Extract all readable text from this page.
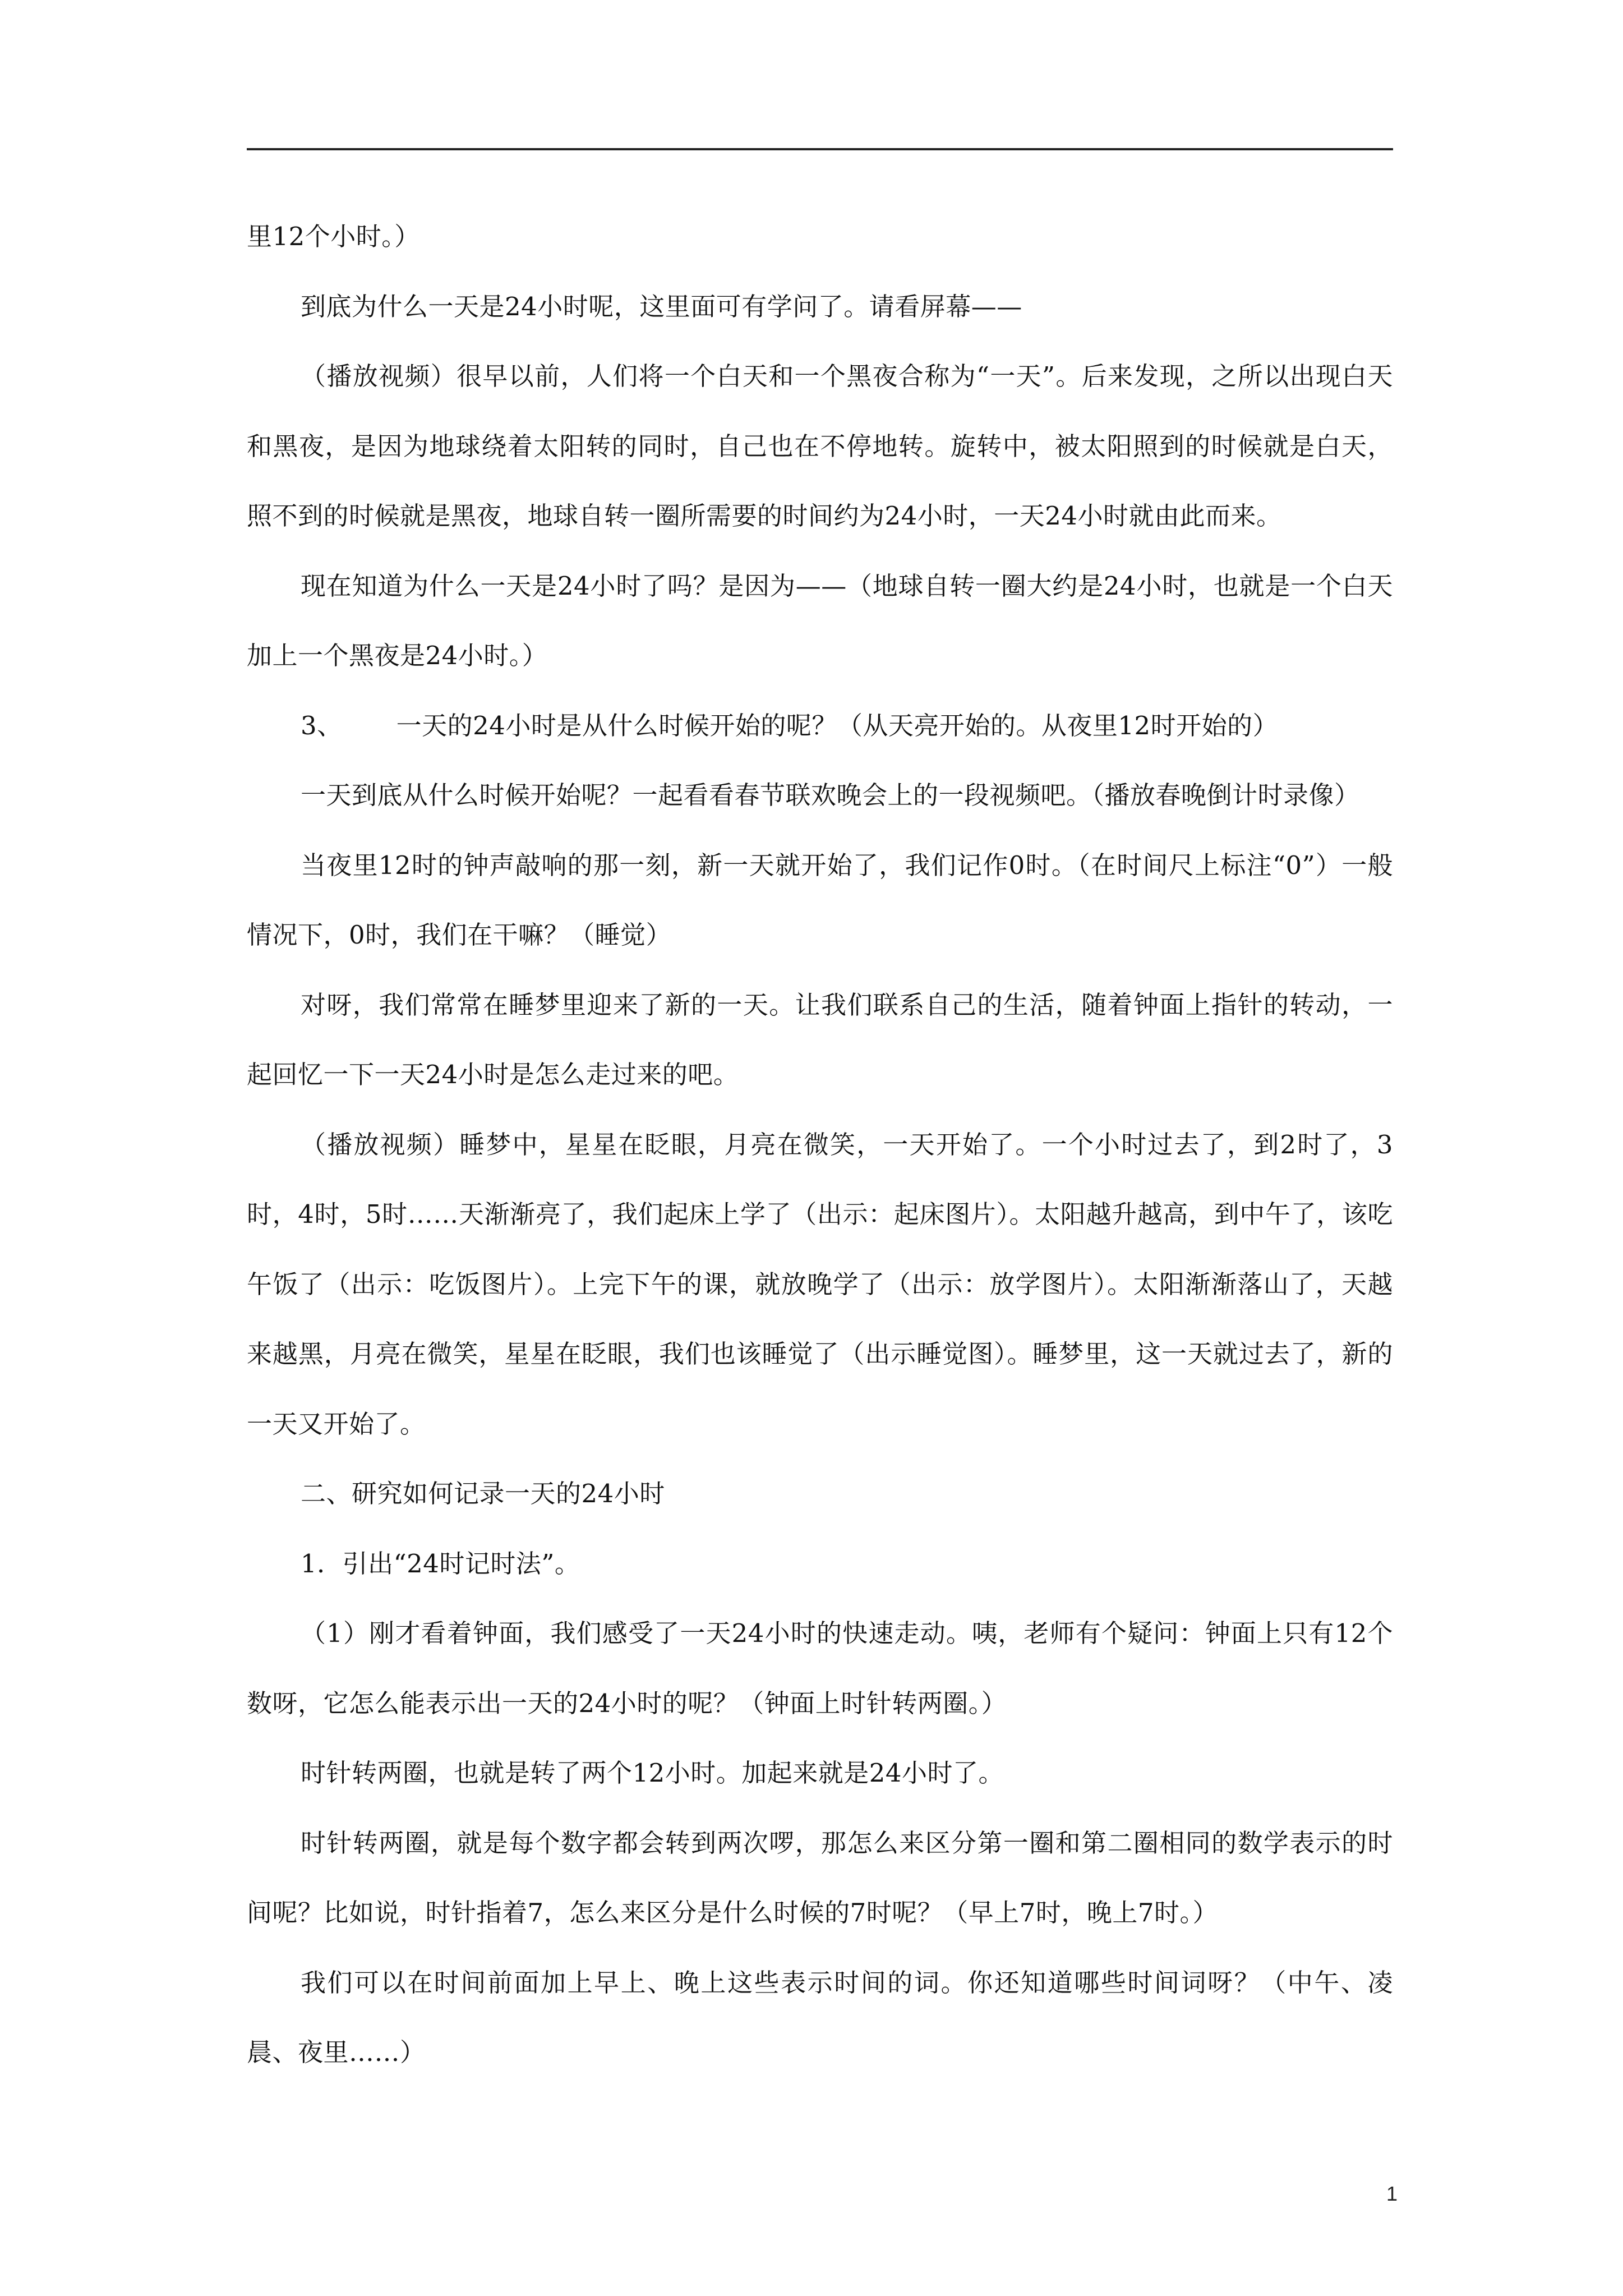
里12个小时。）

到底为什么一天是24小时呢，这里面可有学问了。请看屏幕——

（播放视频）很早以前，人们将一个白天和一个黑夜合称为“一天”。后来发现，之所以出现白天和黑夜，是因为地球绕着太阳转的同时，自己也在不停地转。旋转中，被太阳照到的时候就是白天，照不到的时候就是黑夜，地球自转一圈所需要的时间约为24小时，一天24小时就由此而来。

现在知道为什么一天是24小时了吗？是因为——（地球自转一圈大约是24小时，也就是一个白天加上一个黑夜是24小时。）

3、 一天的24小时是从什么时候开始的呢？（从天亮开始的。从夜里12时开始的）

一天到底从什么时候开始呢？一起看看春节联欢晚会上的一段视频吧。（播放春晚倒计时录像）

当夜里12时的钟声敲响的那一刻，新一天就开始了，我们记作0时。（在时间尺上标注“0”）一般情况下，0时，我们在干嘛？（睡觉）

对呀，我们常常在睡梦里迎来了新的一天。让我们联系自己的生活，随着钟面上指针的转动，一起回忆一下一天24小时是怎么走过来的吧。

（播放视频）睡梦中，星星在眨眼，月亮在微笑，一天开始了。一个小时过去了，到2时了，3时，4时，5时……天渐渐亮了，我们起床上学了（出示：起床图片）。太阳越升越高，到中午了，该吃午饭了（出示：吃饭图片）。上完下午的课，就放晚学了（出示：放学图片）。太阳渐渐落山了，天越来越黑，月亮在微笑，星星在眨眼，我们也该睡觉了（出示睡觉图）。睡梦里，这一天就过去了，新的一天又开始了。

二、研究如何记录一天的24小时

1．引出“24时记时法”。

（1）刚才看着钟面，我们感受了一天24小时的快速走动。咦，老师有个疑问：钟面上只有12个数呀，它怎么能表示出一天的24小时的呢？（钟面上时针转两圈。）

时针转两圈，也就是转了两个12小时。加起来就是24小时了。

时针转两圈，就是每个数字都会转到两次啰，那怎么来区分第一圈和第二圈相同的数学表示的时间呢？比如说，时针指着7，怎么来区分是什么时候的7时呢？（早上7时，晚上7时。）

我们可以在时间前面加上早上、晚上这些表示时间的词。你还知道哪些时间词呀？（中午、凌晨、夜里……）

1
